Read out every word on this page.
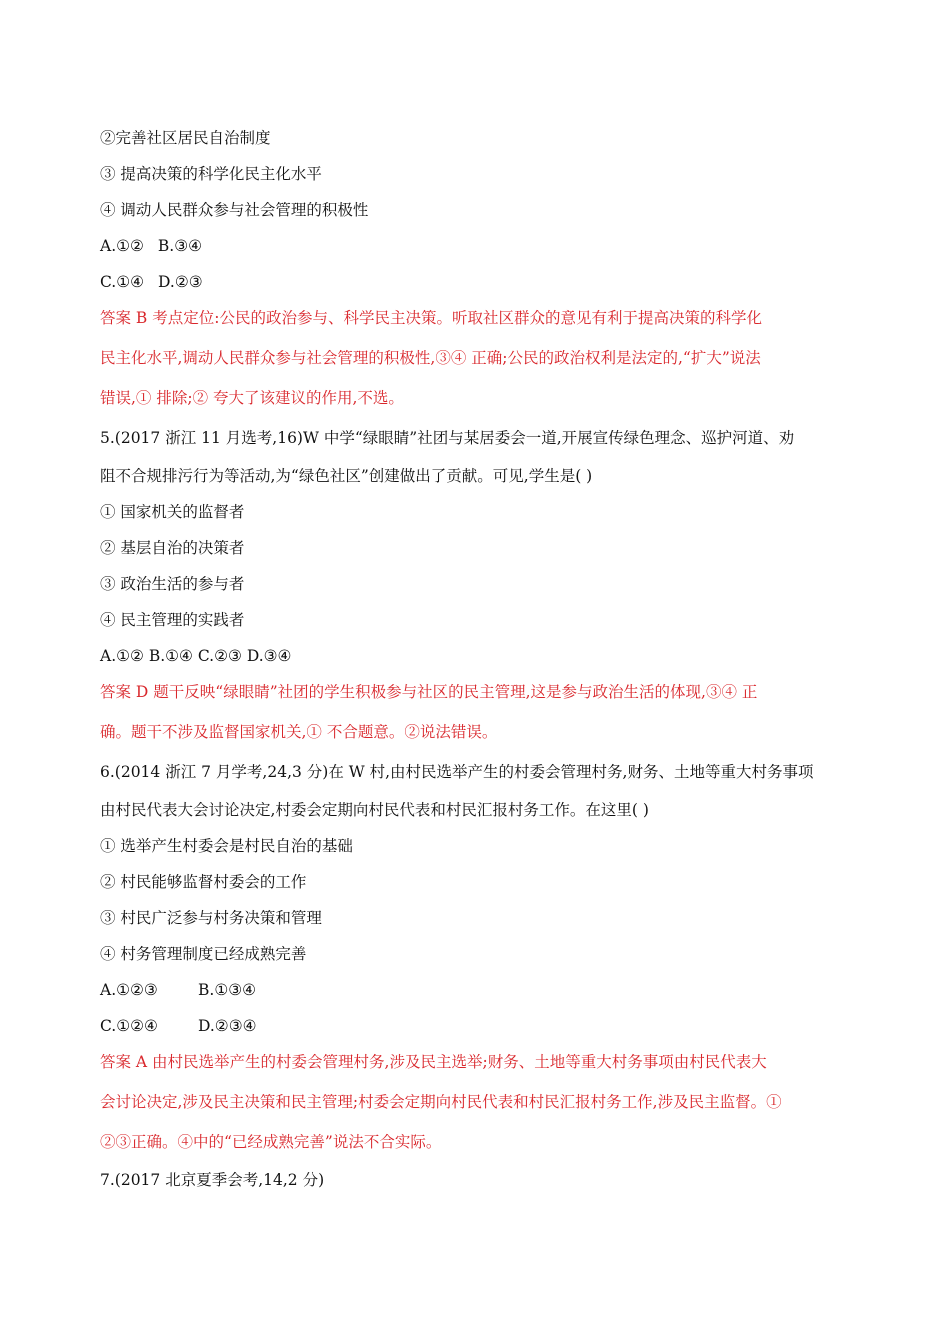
②完善社区居民自治制度
③ 提高决策的科学化民主化水平
④ 调动人民群众参与社会管理的积极性
A.①② B.③④
C.①④ D.②③
答案 B 考点定位:公民的政治参与、科学民主决策。听取社区群众的意见有利于提高决策的科学化
民主化水平,调动人民群众参与社会管理的积极性,③④ 正确;公民的政治权利是法定的,“扩大”说法
错误,① 排除;② 夸大了该建议的作用,不选。
5.(2017 浙江 11 月选考,16)W 中学“绿眼睛”社团与某居委会一道,开展宣传绿色理念、巡护河道、劝
阻不合规排污行为等活动,为“绿色社区”创建做出了贡献。可见,学生是( )
① 国家机关的监督者
② 基层自治的决策者
③ 政治生活的参与者
④ 民主管理的实践者
A.①② B.①④ C.②③ D.③④
答案 D 题干反映“绿眼睛”社团的学生积极参与社区的民主管理,这是参与政治生活的体现,③④ 正
确。题干不涉及监督国家机关,① 不合题意。②说法错误。
6.(2014 浙江 7 月学考,24,3 分)在 W 村,由村民选举产生的村委会管理村务,财务、土地等重大村务事项
由村民代表大会讨论决定,村委会定期向村民代表和村民汇报村务工作。在这里( )
① 选举产生村委会是村民自治的基础
② 村民能够监督村委会的工作
③ 村民广泛参与村务决策和管理
④ 村务管理制度已经成熟完善
A.①②③	B.①③④
C.①②④	D.②③④
答案 A 由村民选举产生的村委会管理村务,涉及民主选举;财务、土地等重大村务事项由村民代表大
会讨论决定,涉及民主决策和民主管理;村委会定期向村民代表和村民汇报村务工作,涉及民主监督。①
②③正确。④中的“已经成熟完善”说法不合实际。
7.(2017 北京夏季会考,14,2 分)
